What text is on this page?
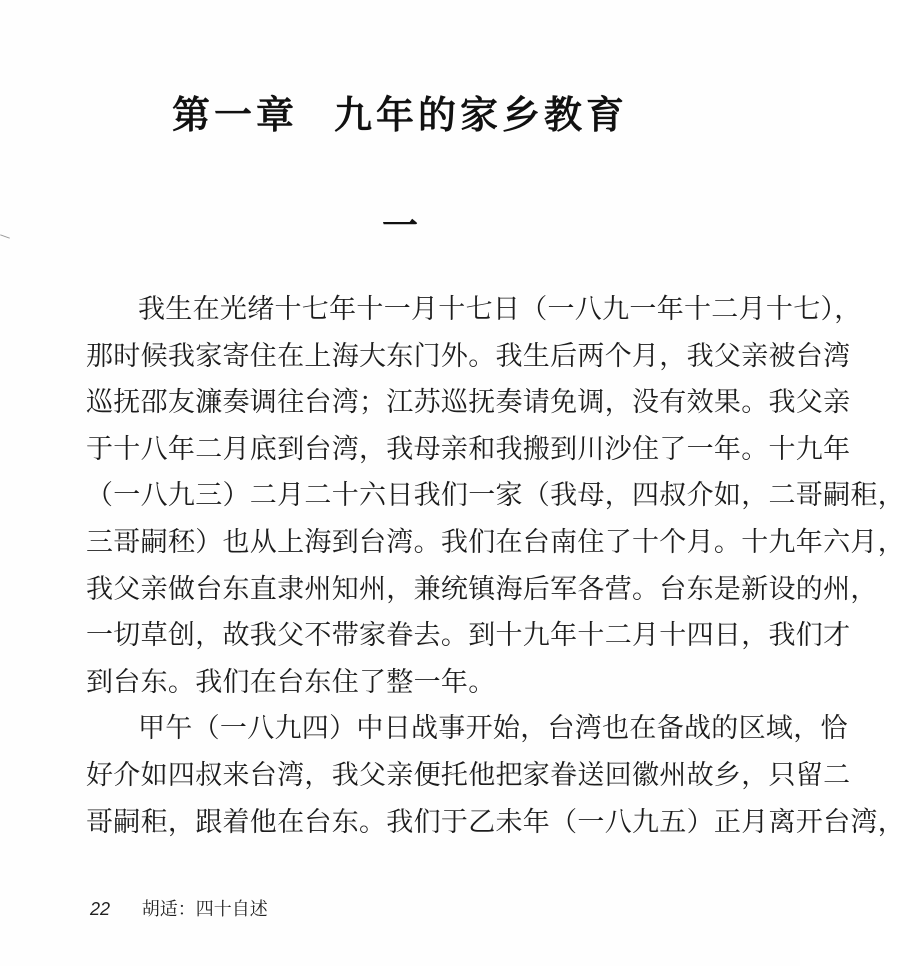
第一章 九年的家乡教育
一

我生在光绪十七年十一月十七日（一八九一年十二月十七），
那时候我家寄住在上海大东门外。我生后两个月，我父亲被台湾
巡抚邵友濂奏调往台湾；江苏巡抚奏请免调，没有效果。我父亲
于十八年二月底到台湾，我母亲和我搬到川沙住了一年。十九年
（一八九三）二月二十六日我们一家（我母，四叔介如，二哥嗣秬，
三哥嗣秠）也从上海到台湾。我们在台南住了十个月。十九年六月，
我父亲做台东直隶州知州，兼统镇海后军各营。台东是新设的州，
一切草创，故我父不带家眷去。到十九年十二月十四日，我们才
到台东。我们在台东住了整一年。

甲午（一八九四）中日战事开始，台湾也在备战的区域，恰
好介如四叔来台湾，我父亲便托他把家眷送回徽州故乡，只留二
哥嗣秬，跟着他在台东。我们于乙未年（一八九五）正月离开台湾，

22 胡适：四十自述
